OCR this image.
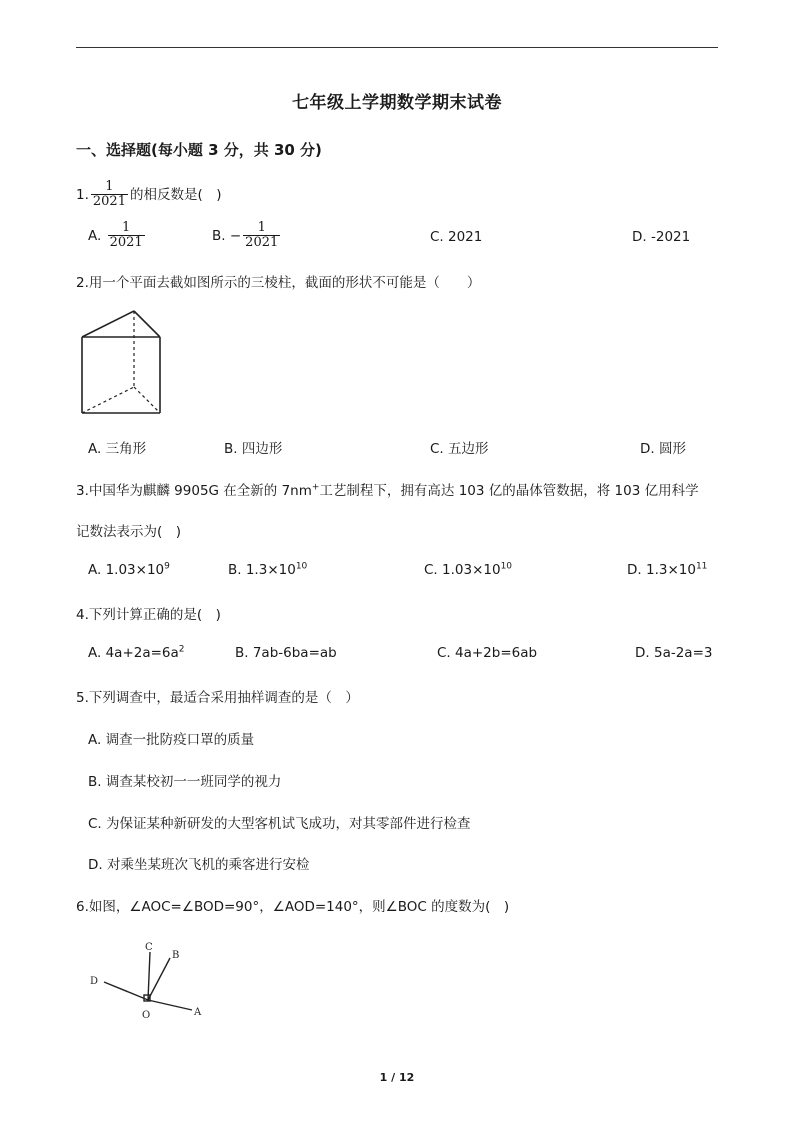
七年级上学期数学期末试卷
一、选择题(每小题 3 分，共 30 分)
1. $\frac{1}{2021}$ 的相反数是(　)
A. $\frac{1}{2021}$	B. − $\frac{1}{2021}$	C. 2021	D. -2021
2.用一个平面去截如图所示的三棱柱，截面的形状不可能是（　　）
A. 三角形	B. 四边形	C. 五边形	D. 圆形
3.中国华为麒麟 9905G 在全新的 7nm+工艺制程下，拥有高达 103 亿的晶体管数据，将 103 亿用科学
记数法表示为(　)
A. $1.03\times 10^9$	B. $1.3\times 10^{10}$	C. $1.03\times 10^{10}$	D. $1.3\times 10^{11}$
4.下列计算正确的是(　)
A. $4a+2a=6a^2$	B. 7ab-6ba=ab	C. 4a+2b=6ab	D. 5a-2a=3
5.下列调查中，最适合采用抽样调查的是（　）
A. 调查一批防疫口罩的质量
B. 调查某校初一一班同学的视力
C. 为保证某种新研发的大型客机试飞成功，对其零部件进行检查
D. 对乘坐某班次飞机的乘客进行安检
6.如图，∠AOC=∠BOD=90°，∠AOD=140°，则∠BOC 的度数为(　)
C
B
D
O	A
1 / 12
